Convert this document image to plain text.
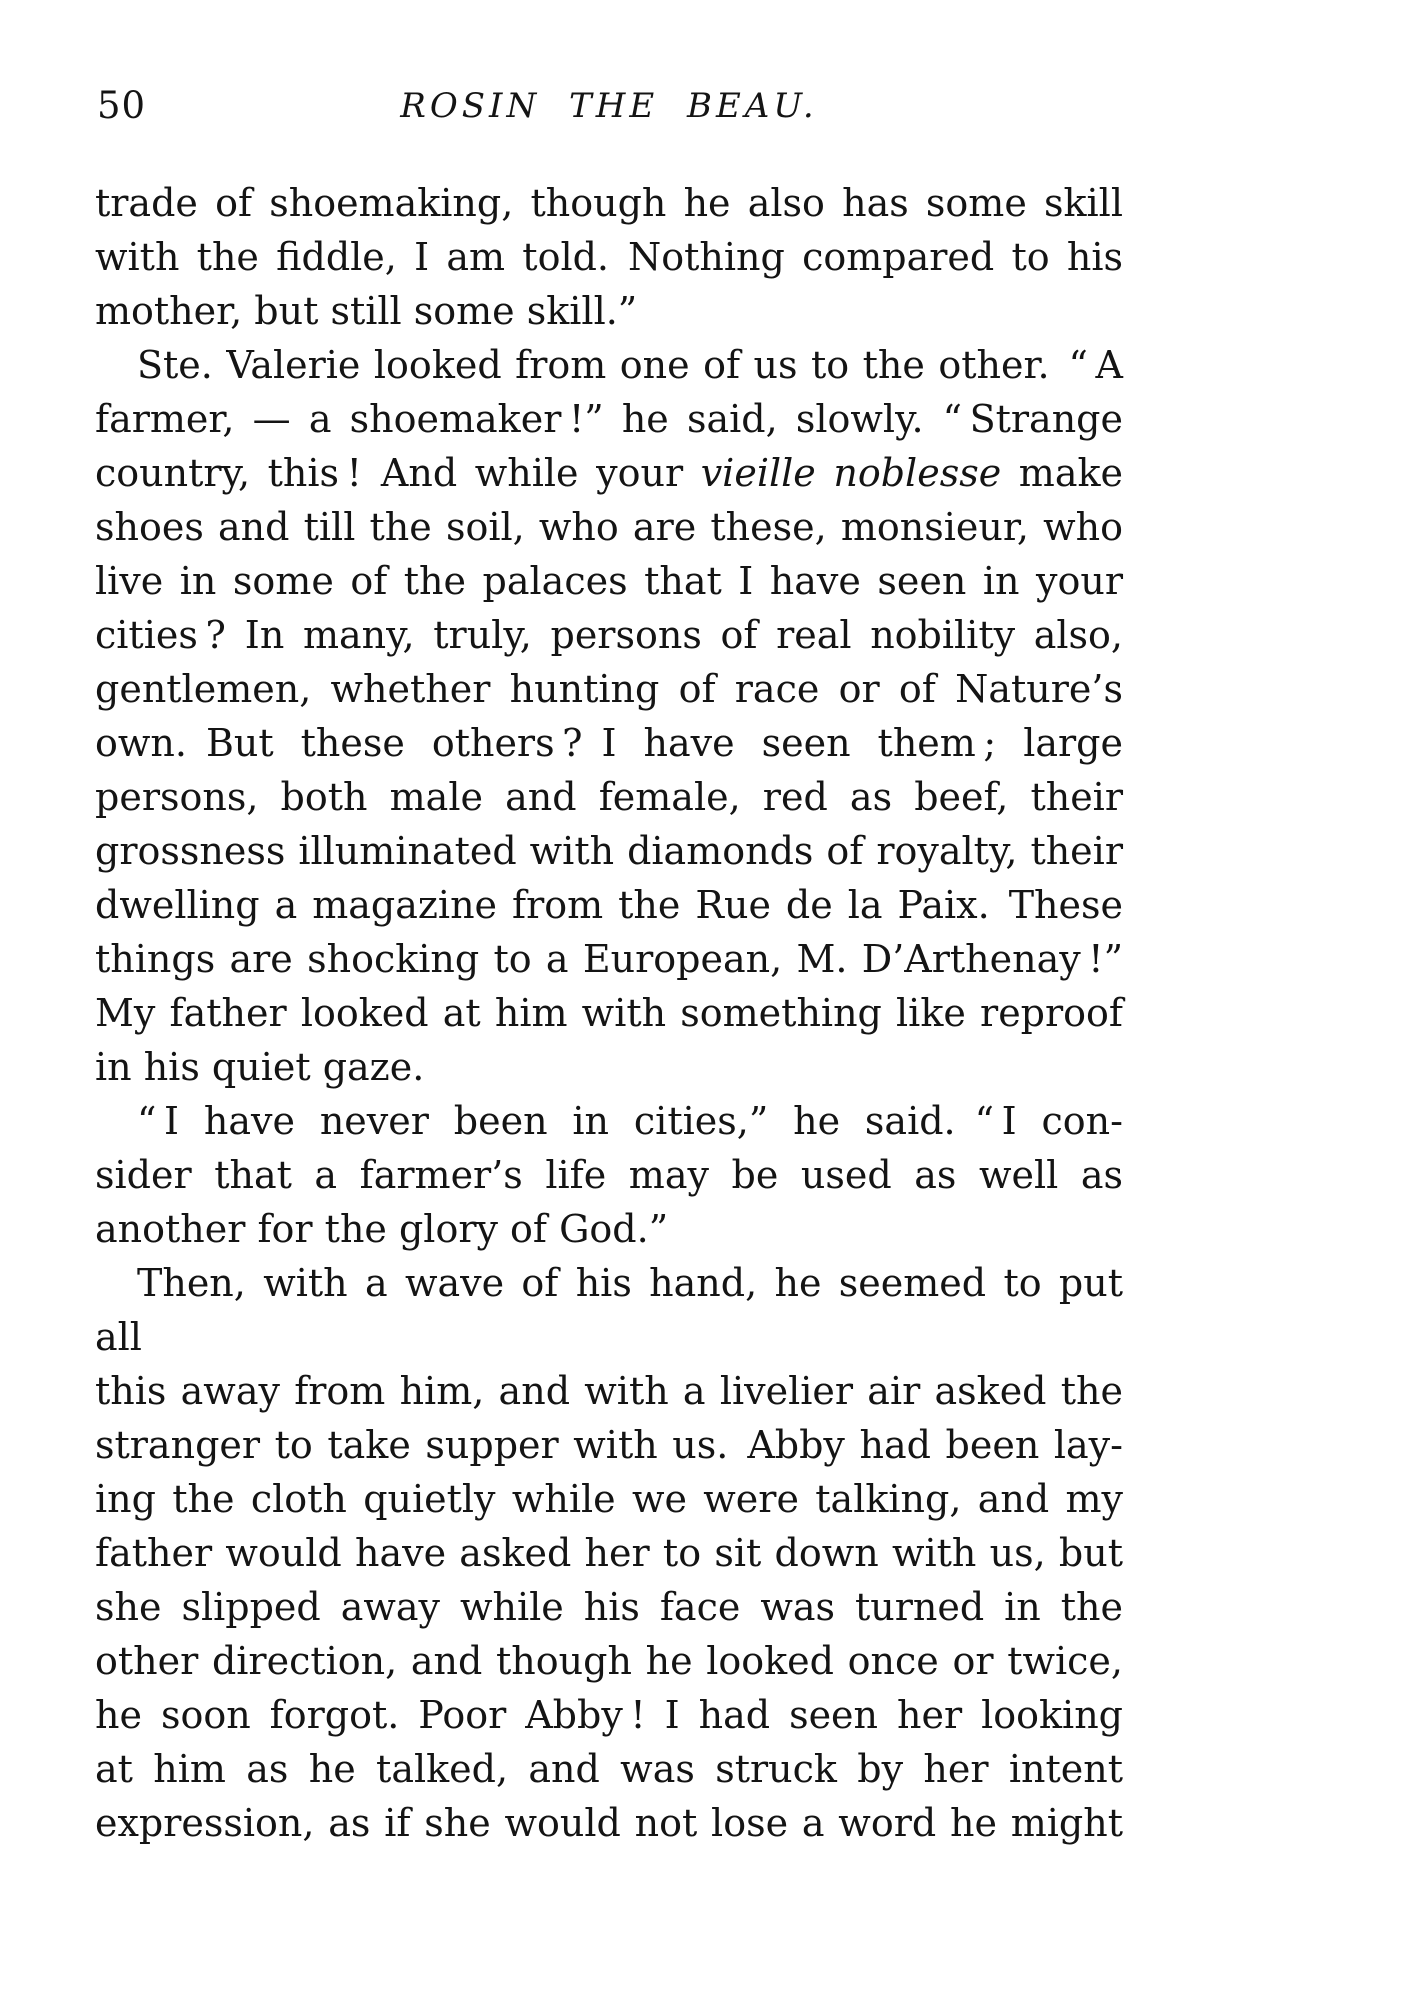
50	ROSIN THE BEAU.

trade of shoemaking, though he also has some skill
with the fiddle, I am told. Nothing compared to his
mother, but still some skill.”

Ste. Valerie looked from one of us to the other. “ A
farmer, — a shoemaker !” he said, slowly. “ Strange
country, this ! And while your vieille noblesse make
shoes and till the soil, who are these, monsieur, who
live in some of the palaces that I have seen in your
cities ? In many, truly, persons of real nobility also,
gentlemen, whether hunting of race or of Nature’s
own. But these others ? I have seen them ; large
persons, both male and female, red as beef, their
grossness illuminated with diamonds of royalty, their
dwelling a magazine from the Rue de la Paix. These
things are shocking to a European, M. D’Arthenay !”
My father looked at him with something like reproof
in his quiet gaze.

“ I have never been in cities,” he said. “ I con-
sider that a farmer’s life may be used as well as
another for the glory of God.”

Then, with a wave of his hand, he seemed to put all
this away from him, and with a livelier air asked the
stranger to take supper with us. Abby had been lay-
ing the cloth quietly while we were talking, and my
father would have asked her to sit down with us, but
she slipped away while his face was turned in the
other direction, and though he looked once or twice,
he soon forgot. Poor Abby ! I had seen her looking
at him as he talked, and was struck by her intent
expression, as if she would not lose a word he might
